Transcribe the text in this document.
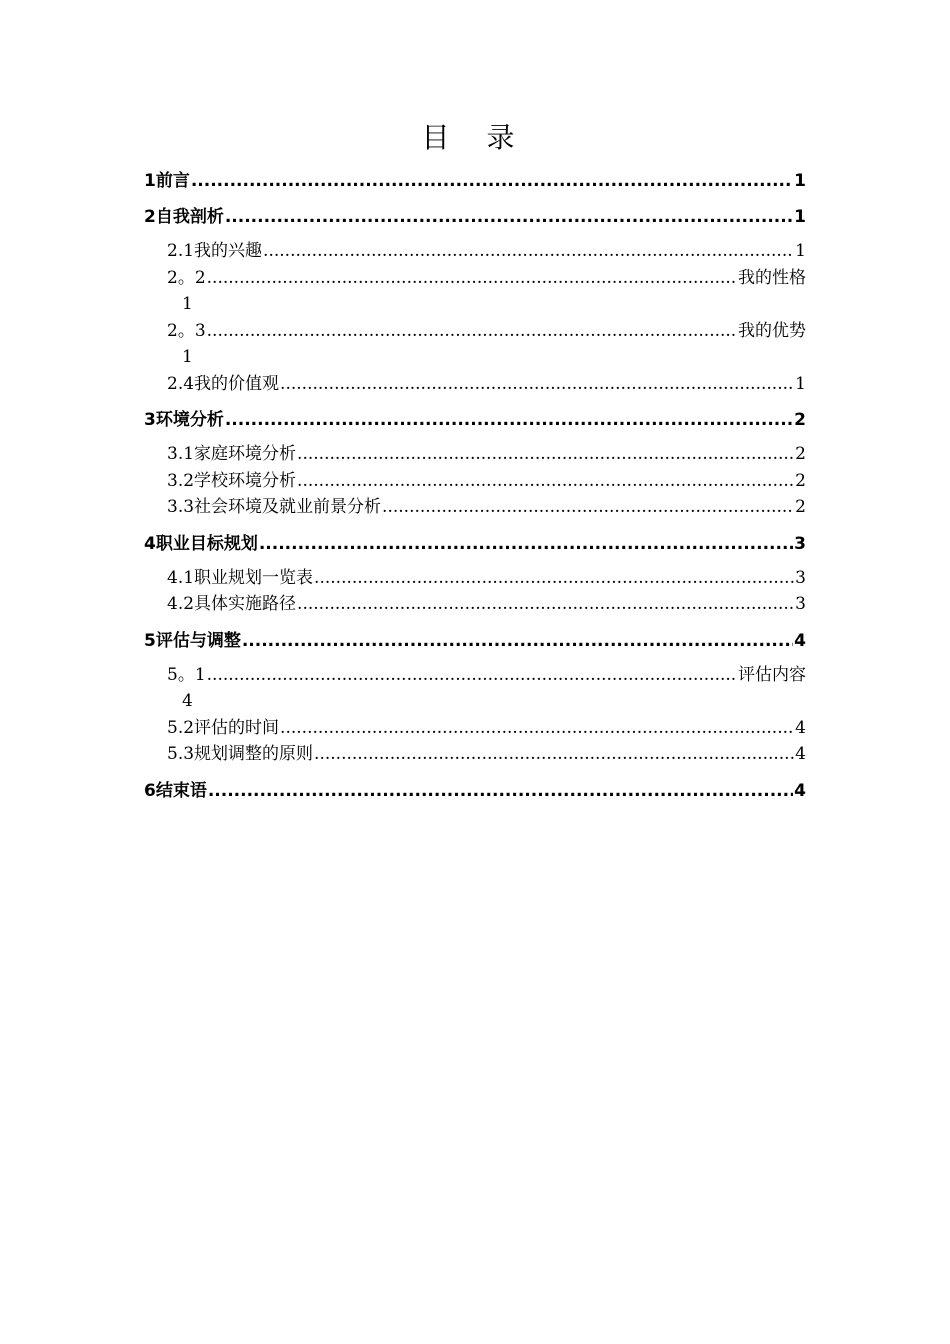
目 录
1 前言 .....	1
2 自我剖析 .....	1
2.1 我的兴趣 .....	1
2。2 .....	我的性格
1
2。3 .....	我的优势
1
2.4 我的价值观 .....	1
3 环境分析 .....	2
3.1 家庭环境分析 .....	2
3.2 学校环境分析 .....	2
3.3 社会环境及就业前景分析 .....	2
4 职业目标规划 .....	3
4.1 职业规划一览表 .....	3
4.2 具体实施路径 .....	3
5 评估与调整 .....	4
5。1 .....	评估内容
4
5.2 评估的时间 .....	4
5.3 规划调整的原则 .....	4
6 结束语 .....	4
